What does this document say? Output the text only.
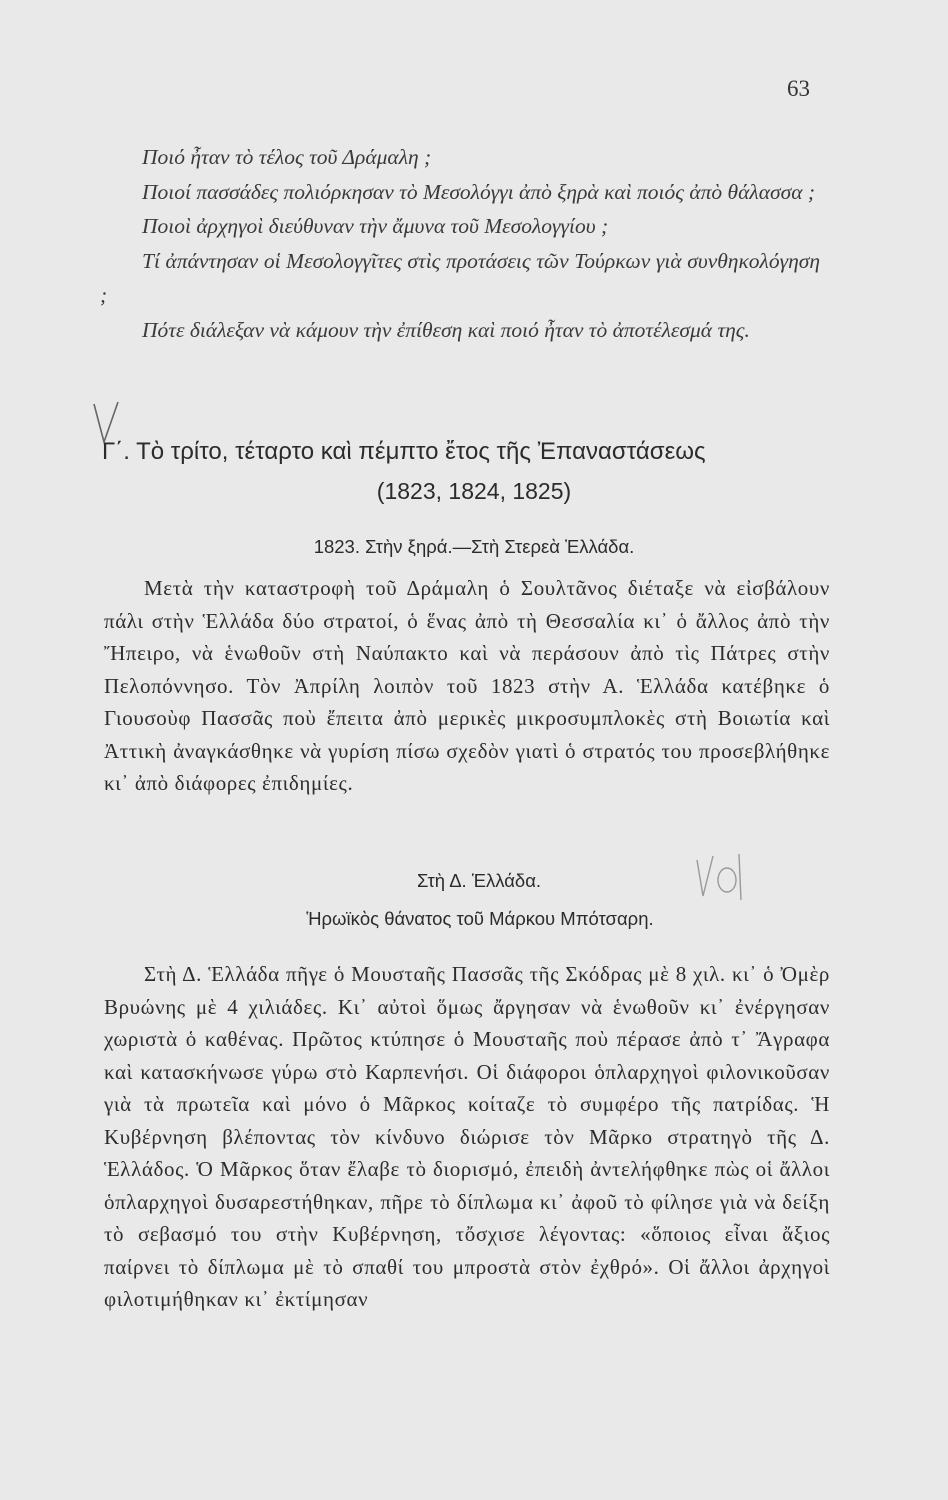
63

Ποιό ἦταν τὸ τέλος τοῦ Δράμαλη ;

Ποιοί πασσάδες πολιόρκησαν τὸ Μεσολόγγι ἀπὸ ξηρὰ καὶ ποιός ἀπὸ θάλασσα ;

Ποιοὶ ἀρχηγοὶ διεύθυναν τὴν ἄμυνα τοῦ Μεσολογγίου ;

Τί ἀπάντησαν οἱ Μεσολογγῖτες στὶς προτάσεις τῶν Τούρκων γιὰ συνθηκολόγηση ;

Πότε διάλεξαν νὰ κάμουν τὴν ἐπίθεση καὶ ποιό ἦταν τὸ ἀποτέλεσμά της.

Γ΄. Τὸ τρίτο, τέταρτο καὶ πέμπτο ἔτος τῆς Ἐπαναστάσεως
(1823, 1824, 1825)
1823. Στὴν ξηρά.—Στὴ Στερεὰ Ἑλλάδα.

Μετὰ τὴν καταστροφὴ τοῦ Δράμαλη ὁ Σουλτᾶνος διέταξε νὰ εἰσβάλουν πάλι στὴν Ἑλλάδα δύο στρατοί, ὁ ἕνας ἀπὸ τὴ Θεσσαλία κι᾿ ὁ ἄλλος ἀπὸ τὴν Ἤπειρο, νὰ ἑνωθοῦν στὴ Ναύπακτο καὶ νὰ περάσουν ἀπὸ τὶς Πάτρες στὴν Πελοπόννησο. Τὸν Ἀπρίλη λοιπὸν τοῦ 1823 στὴν Α. Ἑλλάδα κατέβηκε ὁ Γιουσοὺφ Πασσᾶς ποὺ ἔπειτα ἀπὸ μερικὲς μικροσυμπλοκὲς στὴ Βοιωτία καὶ Ἀττικὴ ἀναγκάσθηκε νὰ γυρίση πίσω σχεδὸν γιατὶ ὁ στρατός του προσεβλήθηκε κι᾿ ἀπὸ διάφορες ἐπιδημίες.

Στὴ Δ. Ἑλλάδα.
Ἡρωϊκὸς θάνατος τοῦ Μάρκου Μπότσαρη.

Στὴ Δ. Ἑλλάδα πῆγε ὁ Μουσταῆς Πασσᾶς τῆς Σκόδρας μὲ 8 χιλ. κι᾿ ὁ Ὀμὲρ Βρυώνης μὲ 4 χιλιάδες. Κι᾿ αὐτοὶ ὅμως ἄργησαν νὰ ἑνωθοῦν κι᾿ ἐνέργησαν χωριστὰ ὁ καθένας. Πρῶτος κτύπησε ὁ Μουσταῆς ποὺ πέρασε ἀπὸ τ᾿ Ἄγραφα καὶ κατασκήνωσε γύρω στὸ Καρπενήσι. Οἱ διάφοροι ὁπλαρχηγοὶ φιλονικοῦσαν γιὰ τὰ πρωτεῖα καὶ μόνο ὁ Μᾶρκος κοίταζε τὸ συμφέρο τῆς πατρίδας. Ἡ Κυβέρνηση βλέποντας τὸν κίνδυνο διώρισε τὸν Μᾶρκο στρατηγὸ τῆς Δ. Ἑλλάδος. Ὁ Μᾶρκος ὅταν ἔλαβε τὸ διορισμό, ἐπειδὴ ἀντελήφθηκε πὼς οἱ ἄλλοι ὁπλαρχηγοὶ δυσαρεστήθηκαν, πῆρε τὸ δίπλωμα κι᾿ ἀφοῦ τὸ φίλησε γιὰ νὰ δείξη τὸ σεβασμό του στὴν Κυβέρνηση, τὄσχισε λέγοντας: «ὅποιος εἶναι ἄξιος παίρνει τὸ δίπλωμα μὲ τὸ σπαθί του μπροστὰ στὸν ἐχθρό». Οἱ ἄλλοι ἀρχηγοὶ φιλοτιμήθηκαν κι᾿ ἐκτίμησαν
